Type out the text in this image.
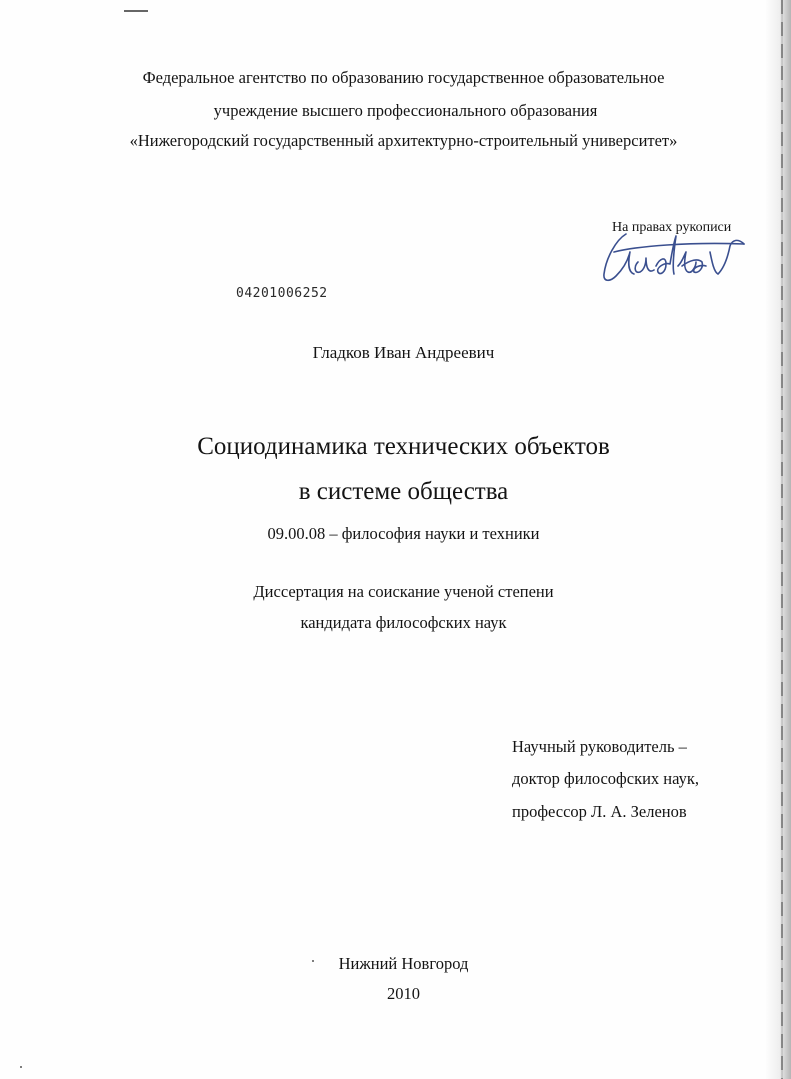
Федеральное агентство по образованию государственное образовательное
учреждение высшего профессионального образования
«Нижегородский государственный архитектурно-строительный университет»
На правах рукописи
04201006252
Гладков Иван Андреевич
Социодинамика технических объектов
в системе общества
09.00.08 – философия науки и техники
Диссертация на соискание ученой степени
кандидата философских наук
Научный руководитель –
доктор философских наук,
профессор Л. А. Зеленов
Нижний Новгород
2010
